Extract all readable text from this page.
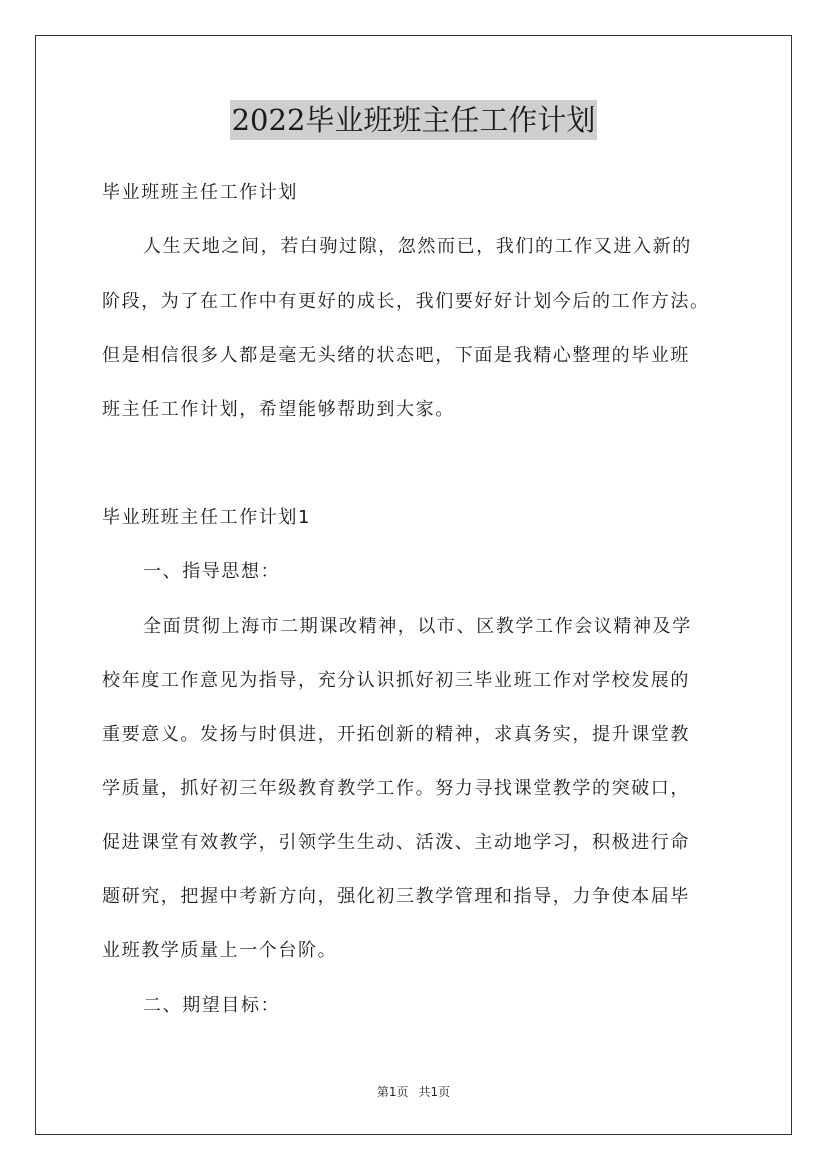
2022毕业班班主任工作计划
毕业班班主任工作计划
人生天地之间，若白驹过隙，忽然而已，我们的工作又进入新的
阶段，为了在工作中有更好的成长，我们要好好计划今后的工作方法。
但是相信很多人都是毫无头绪的状态吧，下面是我精心整理的毕业班
班主任工作计划，希望能够帮助到大家。
毕业班班主任工作计划1
一、指导思想：
全面贯彻上海市二期课改精神，以市、区教学工作会议精神及学
校年度工作意见为指导，充分认识抓好初三毕业班工作对学校发展的
重要意义。发扬与时俱进，开拓创新的精神，求真务实，提升课堂教
学质量，抓好初三年级教育教学工作。努力寻找课堂教学的突破口，
促进课堂有效教学，引领学生生动、活泼、主动地学习，积极进行命
题研究，把握中考新方向，强化初三教学管理和指导，力争使本届毕
业班教学质量上一个台阶。
二、期望目标：
第1页 共1页
